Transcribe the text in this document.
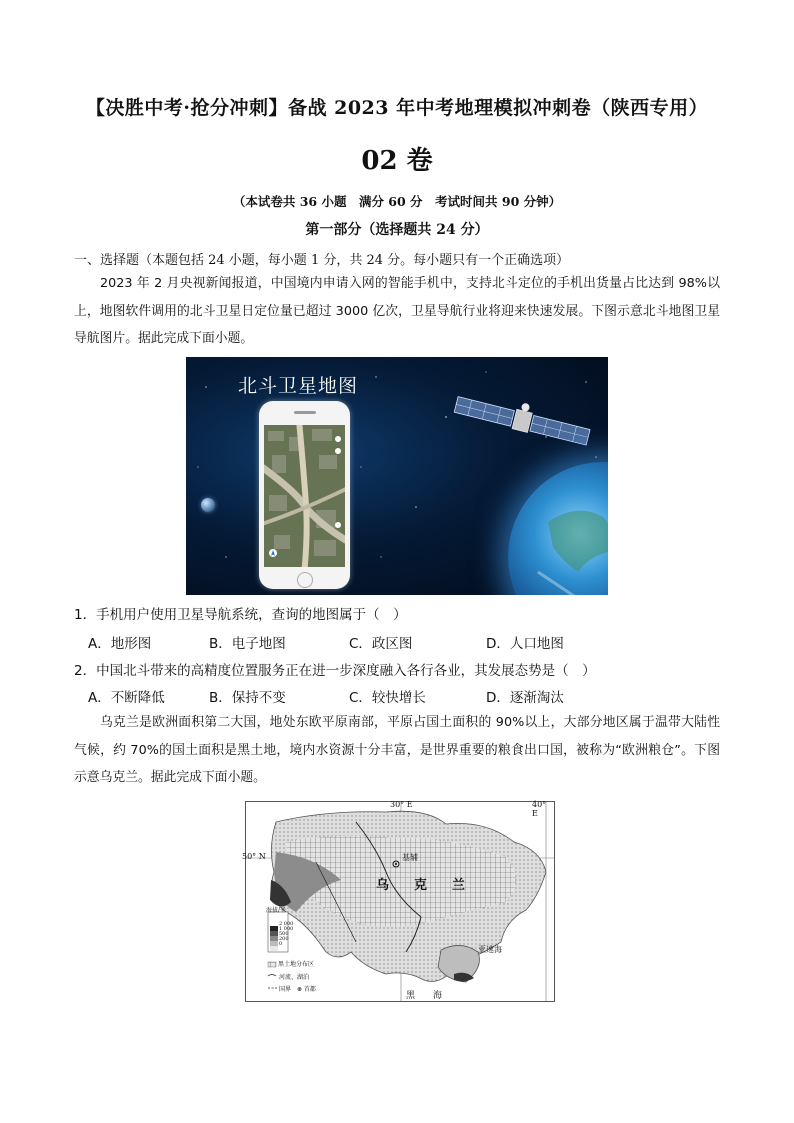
【决胜中考·抢分冲刺】备战 2023 年中考地理模拟冲刺卷（陕西专用）
02 卷
（本试卷共 36 小题　满分 60 分　考试时间共 90 分钟）
第一部分（选择题共 24 分）
一、选择题（本题包括 24 小题，每小题 1 分，共 24 分。每小题只有一个正确选项）
2023 年 2 月央视新闻报道，中国境内申请入网的智能手机中，支持北斗定位的手机出货量占比达到 98%以上，地图软件调用的北斗卫星日定位量已超过 3000 亿次，卫星导航行业将迎来快速发展。下图示意北斗地图卫星导航图片。据此完成下面小题。
北斗卫星地图
1．手机用户使用卫星导航系统，查询的地图属于（　）
A．地形图	B．电子地图	C．政区图	D．人口地图
2．中国北斗带来的高精度位置服务正在进一步深度融入各行各业，其发展态势是（　）
A．不断降低	B．保持不变	C．较快增长	D．逐渐淘汰
乌克兰是欧洲面积第二大国，地处东欧平原南部，平原占国土面积的 90%以上，大部分地区属于温带大陆性气候，约 70%的国土面积是黑土地，境内水资源十分丰富，是世界重要的粮食出口国，被称为“欧洲粮仓”。下图示意乌克兰。据此完成下面小题。
30° E	40° E
50° N	基辅
乌　克　兰
亚速海
黑　　海
海拔/米
2 000
1 000
500
200
0
黑土地分布区
河流、湖泊
国界　⊛ 首都
